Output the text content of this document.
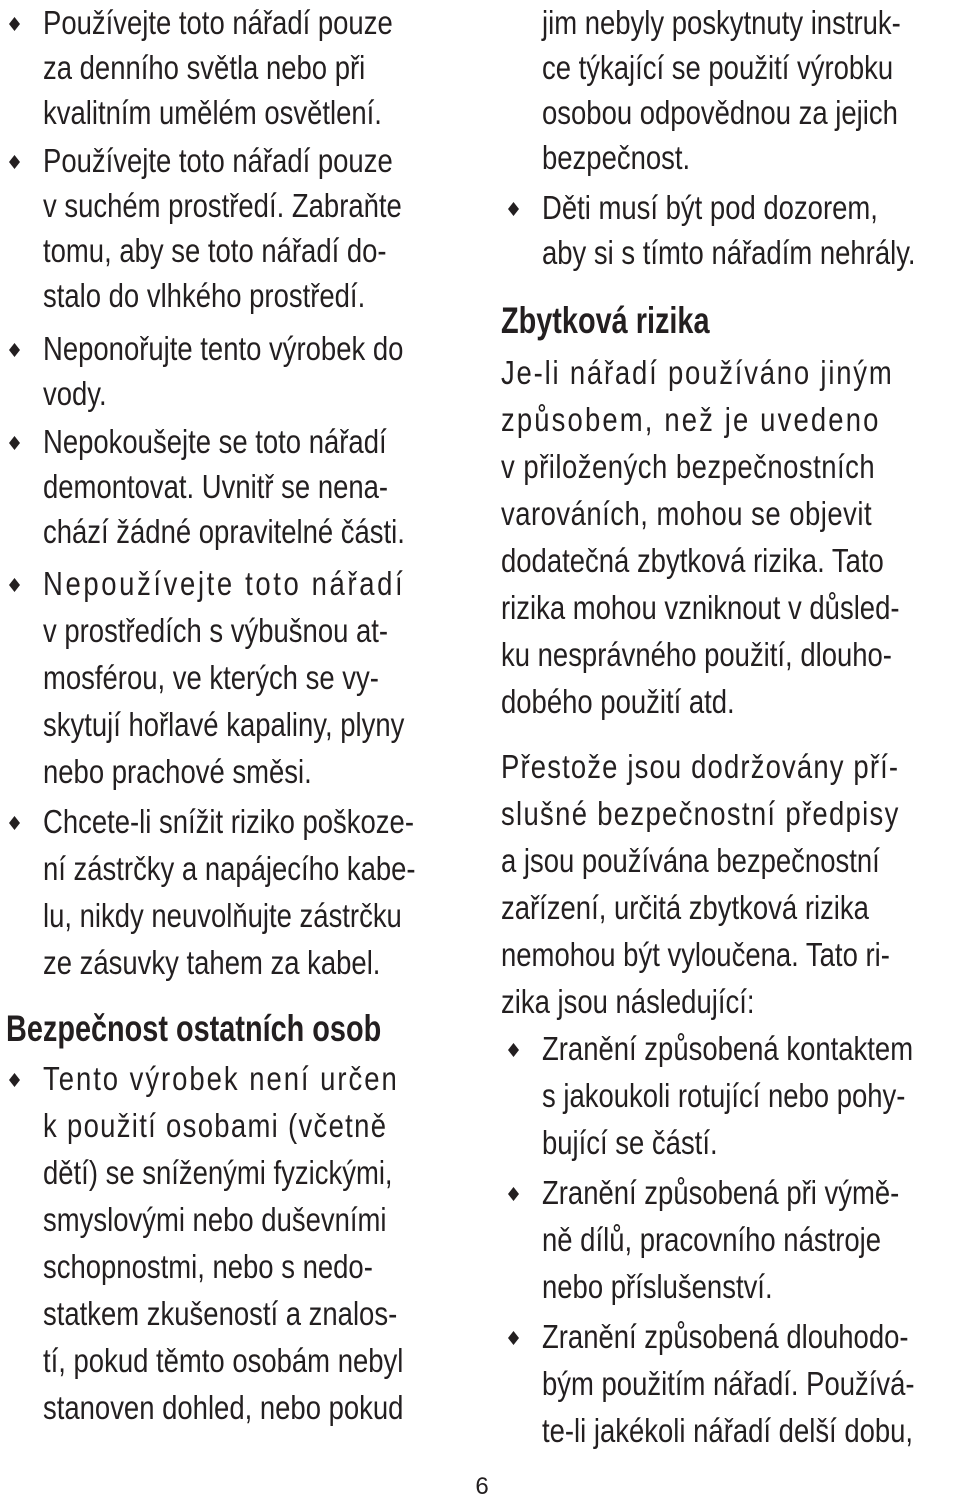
Používejte toto nářadí pouze
za denního světla nebo při
kvalitním umělém osvětlení.
Používejte toto nářadí pouze
v suchém prostředí. Zabraňte
tomu, aby se toto nářadí do-
stalo do vlhkého prostředí.
Neponořujte tento výrobek do
vody.
Nepokoušejte se toto nářadí
demontovat. Uvnitř se nena-
chází žádné opravitelné části.
Nepoužívejte toto nářadí
v prostředích s výbušnou at-
mosférou, ve kterých se vy-
skytují hořlavé kapaliny, plyny
nebo prachové směsi.
Chcete-li snížit riziko poškoze-
ní zástrčky a napájecího kabe-
lu, nikdy neuvolňujte zástrčku
ze zásuvky tahem za kabel.
Bezpečnost ostatních osob
Tento výrobek není určen
k použití osobami (včetně
dětí) se sníženými fyzickými,
smyslovými nebo duševními
schopnostmi, nebo s nedo-
statkem zkušeností a znalos-
tí, pokud těmto osobám nebyl
stanoven dohled, nebo pokud
jim nebyly poskytnuty instruk-
ce týkající se použití výrobku
osobou odpovědnou za jejich
bezpečnost.
Děti musí být pod dozorem,
aby si s tímto nářadím nehrály.
Zbytková rizika
Je-li nářadí používáno jiným
způsobem, než je uvedeno
v přiložených bezpečnostních
varováních, mohou se objevit
dodatečná zbytková rizika. Tato
rizika mohou vzniknout v důsled-
ku nesprávného použití, dlouho-
dobého použití atd.
Přestože jsou dodržovány pří-
slušné bezpečnostní předpisy
a jsou používána bezpečnostní
zařízení, určitá zbytková rizika
nemohou být vyloučena. Tato ri-
zika jsou následující:
Zranění způsobená kontaktem
s jakoukoli rotující nebo pohy-
bující se částí.
Zranění způsobená při výmě-
ně dílů, pracovního nástroje
nebo příslušenství.
Zranění způsobená dlouhodo-
bým použitím nářadí. Používá-
te-li jakékoli nářadí delší dobu,
6
